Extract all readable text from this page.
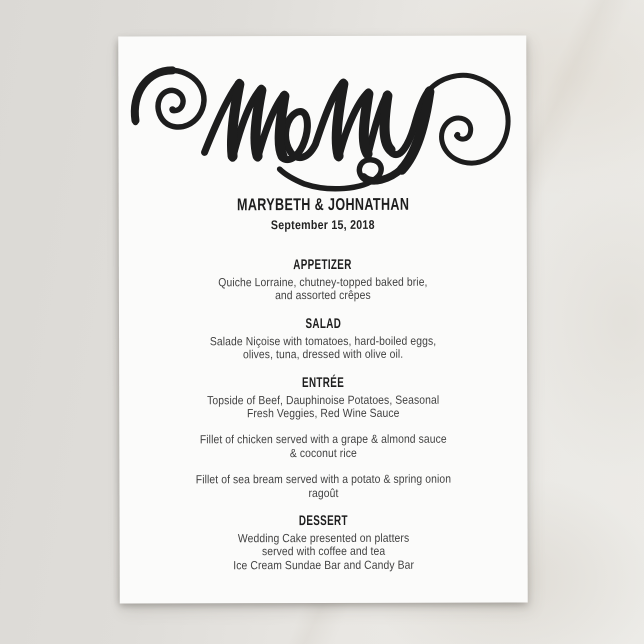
MARYBETH & JOHNATHAN
September 15, 2018
APPETIZER

Quiche Lorraine, chutney-topped baked brie,
and assorted crêpes

SALAD

Salade Niçoise with tomatoes, hard-boiled eggs,
olives, tuna, dressed with olive oil.

ENTRÉE

Topside of Beef, Dauphinoise Potatoes, Seasonal
Fresh Veggies, Red Wine Sauce

Fillet of chicken served with a grape & almond sauce
& coconut rice

Fillet of sea bream served with a potato & spring onion
ragoût

DESSERT

Wedding Cake presented on platters
served with coffee and tea
Ice Cream Sundae Bar and Candy Bar
